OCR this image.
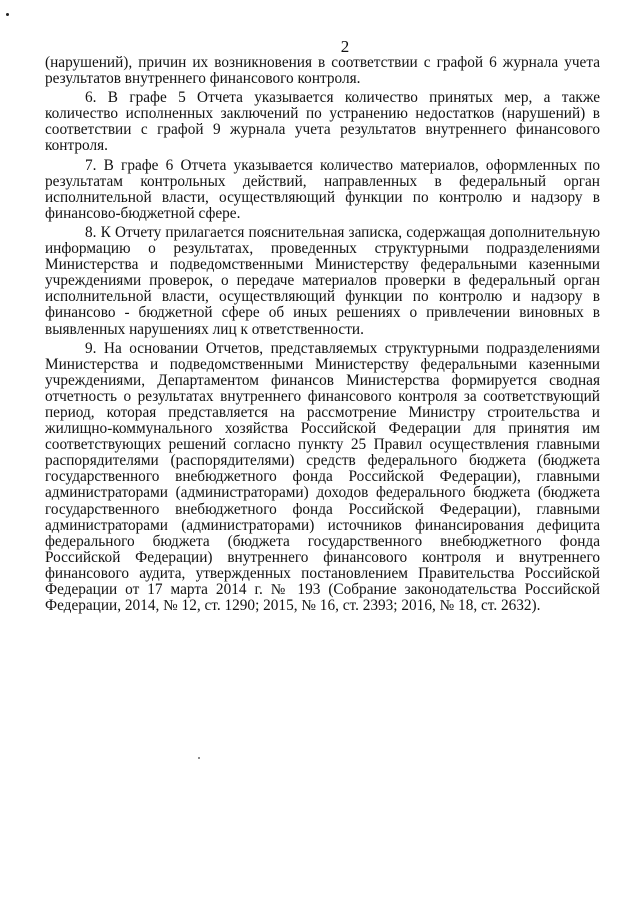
2

(нарушений), причин их возникновения в соответствии с графой 6 журнала учета результатов внутреннего финансового контроля.

6. В графе 5 Отчета указывается количество принятых мер, а также количество исполненных заключений по устранению недостатков (нарушений) в соответствии с графой 9 журнала учета результатов внутреннего финансового контроля.

7. В графе 6 Отчета указывается количество материалов, оформленных по результатам контрольных действий, направленных в федеральный орган исполнительной власти, осуществляющий функции по контролю и надзору в финансово-бюджетной сфере.

8. К Отчету прилагается пояснительная записка, содержащая дополнительную информацию о результатах, проведенных структурными подразделениями Министерства и подведомственными Министерству федеральными казенными учреждениями проверок, о передаче материалов проверки в федеральный орган исполнительной власти, осуществляющий функции по контролю и надзору в финансово - бюджетной сфере об иных решениях о привлечении виновных в выявленных нарушениях лиц к ответственности.

9. На основании Отчетов, представляемых структурными подразделениями Министерства и подведомственными Министерству федеральными казенными учреждениями, Департаментом финансов Министерства формируется сводная отчетность о результатах внутреннего финансового контроля за соответствующий период, которая представляется на рассмотрение Министру строительства и жилищно-коммунального хозяйства Российской Федерации для принятия им соответствующих решений согласно пункту 25 Правил осуществления главными распорядителями (распорядителями) средств федерального бюджета (бюджета государственного внебюджетного фонда Российской Федерации), главными администраторами (администраторами) доходов федерального бюджета (бюджета государственного внебюджетного фонда Российской Федерации), главными администраторами (администраторами) источников финансирования дефицита федерального бюджета (бюджета государственного внебюджетного фонда Российской Федерации) внутреннего финансового контроля и внутреннего финансового аудита, утвержденных постановлением Правительства Российской Федерации от 17 марта 2014 г. № 193 (Собрание законодательства Российской Федерации, 2014, № 12, ст. 1290; 2015, № 16, ст. 2393; 2016, № 18, ст. 2632).
